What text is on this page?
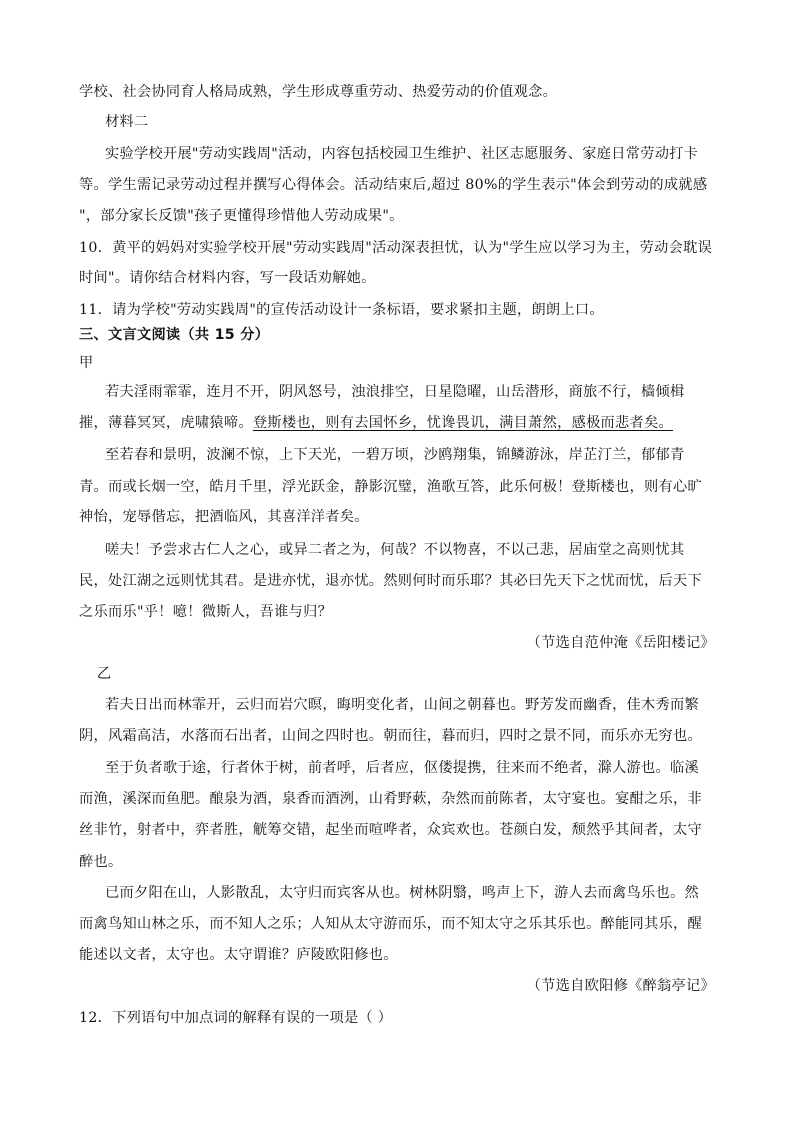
学校、社会协同育人格局成熟，学生形成尊重劳动、热爱劳动的价值观念。
材料二
实验学校开展"劳动实践周"活动，内容包括校园卫生维护、社区志愿服务、家庭日常劳动打卡
等。学生需记录劳动过程并撰写心得体会。活动结束后,超过 80%的学生表示"体会到劳动的成就感
"，部分家长反馈"孩子更懂得珍惜他人劳动成果"。
10．黄平的妈妈对实验学校开展"劳动实践周"活动深表担忧，认为"学生应以学习为主，劳动会耽误
时间"。请你结合材料内容，写一段话劝解她。
11．请为学校"劳动实践周"的宣传活动设计一条标语，要求紧扣主题，朗朗上口。
三、文言文阅读（共 15 分）
甲
若夫淫雨霏霏，连月不开，阴风怒号，浊浪排空，日星隐曜，山岳潜形，商旅不行，樯倾楫
摧，薄暮冥冥，虎啸猿啼。登斯楼也，则有去国怀乡，忧谗畏讥，满目萧然，感极而悲者矣。
至若春和景明，波澜不惊，上下天光，一碧万顷，沙鸥翔集，锦鳞游泳，岸芷汀兰，郁郁青
青。而或长烟一空，皓月千里，浮光跃金，静影沉璧，渔歌互答，此乐何极！登斯楼也，则有心旷
神怡，宠辱偕忘，把酒临风，其喜洋洋者矣。
嗟夫！予尝求古仁人之心，或异二者之为，何哉？不以物喜，不以己悲，居庙堂之高则忧其
民，处江湖之远则忧其君。是进亦忧，退亦忧。然则何时而乐耶？其必曰先天下之忧而忧，后天下
之乐而乐"乎！噫！微斯人，吾谁与归？
（节选自范仲淹《岳阳楼记》
乙
若夫日出而林霏开，云归而岩穴暝，晦明变化者，山间之朝暮也。野芳发而幽香，佳木秀而繁
阴，风霜高洁，水落而石出者，山间之四时也。朝而往，暮而归，四时之景不同，而乐亦无穷也。
至于负者歌于途，行者休于树，前者呼，后者应，伛偻提携，往来而不绝者，滁人游也。临溪
而渔，溪深而鱼肥。酿泉为酒，泉香而酒洌，山肴野蔌，杂然而前陈者，太守宴也。宴酣之乐，非
丝非竹，射者中，弈者胜，觥筹交错，起坐而喧哗者，众宾欢也。苍颜白发，颓然乎其间者，太守
醉也。
已而夕阳在山，人影散乱，太守归而宾客从也。树林阴翳，鸣声上下，游人去而禽鸟乐也。然
而禽鸟知山林之乐，而不知人之乐；人知从太守游而乐，而不知太守之乐其乐也。醉能同其乐，醒
能述以文者，太守也。太守谓谁？庐陵欧阳修也。
（节选自欧阳修《醉翁亭记》
12．下列语句中加点词的解释有误的一项是（ ）
